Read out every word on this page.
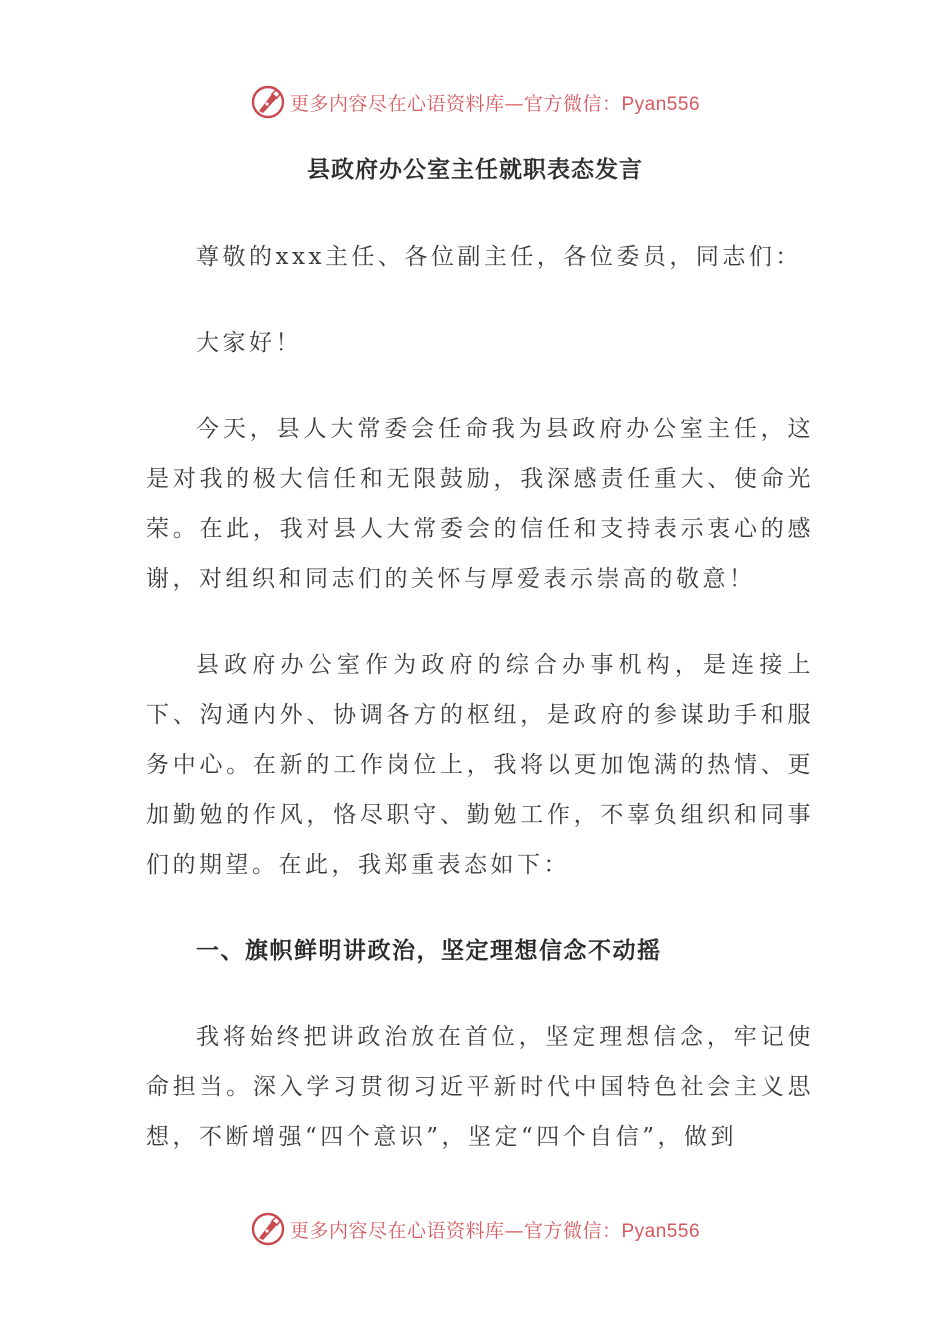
更多内容尽在心语资料库—官方微信：Pyan556
县政府办公室主任就职表态发言

尊敬的xxx主任、各位副主任，各位委员，同志们：

大家好！

今天，县人大常委会任命我为县政府办公室主任，这是对我的极大信任和无限鼓励，我深感责任重大、使命光荣。在此，我对县人大常委会的信任和支持表示衷心的感谢，对组织和同志们的关怀与厚爱表示崇高的敬意！

县政府办公室作为政府的综合办事机构，是连接上下、沟通内外、协调各方的枢纽，是政府的参谋助手和服务中心。在新的工作岗位上，我将以更加饱满的热情、更加勤勉的作风，恪尽职守、勤勉工作，不辜负组织和同事们的期望。在此，我郑重表态如下：

一、旗帜鲜明讲政治，坚定理想信念不动摇

我将始终把讲政治放在首位，坚定理想信念，牢记使命担当。深入学习贯彻习近平新时代中国特色社会主义思想，不断增强“四个意识”，坚定“四个自信”，做到

更多内容尽在心语资料库—官方微信：Pyan556
